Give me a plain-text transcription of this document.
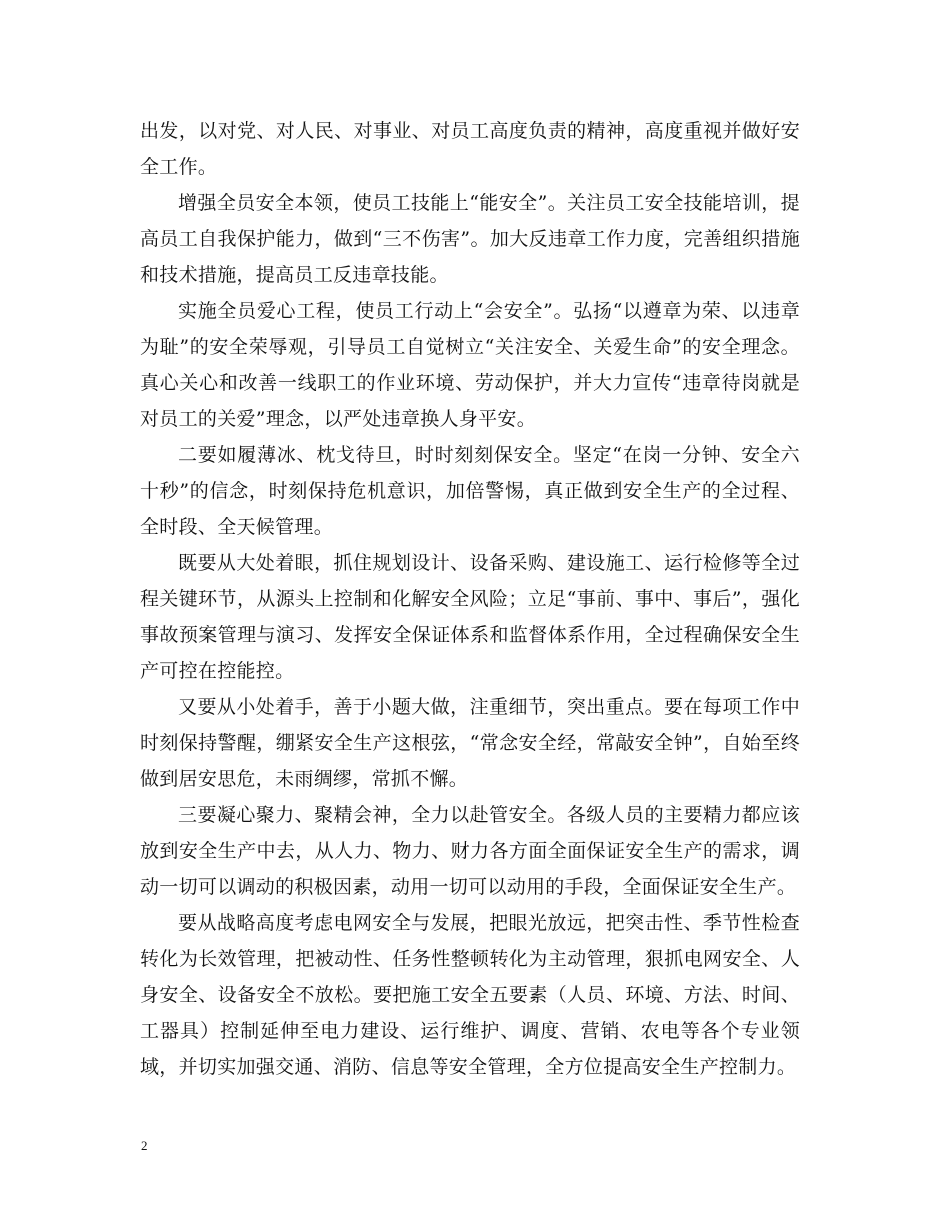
出发，以对党、对人民、对事业、对员工高度负责的精神，高度重视并做好安全工作。

增强全员安全本领，使员工技能上“能安全”。关注员工安全技能培训，提高员工自我保护能力，做到“三不伤害”。加大反违章工作力度，完善组织措施和技术措施，提高员工反违章技能。

实施全员爱心工程，使员工行动上“会安全”。弘扬“以遵章为荣、以违章为耻”的安全荣辱观，引导员工自觉树立“关注安全、关爱生命”的安全理念。真心关心和改善一线职工的作业环境、劳动保护，并大力宣传“违章待岗就是对员工的关爱”理念，以严处违章换人身平安。

二要如履薄冰、枕戈待旦，时时刻刻保安全。坚定“在岗一分钟、安全六十秒”的信念，时刻保持危机意识，加倍警惕，真正做到安全生产的全过程、全时段、全天候管理。

既要从大处着眼，抓住规划设计、设备采购、建设施工、运行检修等全过程关键环节，从源头上控制和化解安全风险；立足“事前、事中、事后”，强化事故预案管理与演习、发挥安全保证体系和监督体系作用，全过程确保安全生产可控在控能控。

又要从小处着手，善于小题大做，注重细节，突出重点。要在每项工作中时刻保持警醒，绷紧安全生产这根弦，“常念安全经，常敲安全钟”，自始至终做到居安思危，未雨绸缪，常抓不懈。

三要凝心聚力、聚精会神，全力以赴管安全。各级人员的主要精力都应该放到安全生产中去，从人力、物力、财力各方面全面保证安全生产的需求，调动一切可以调动的积极因素，动用一切可以动用的手段，全面保证安全生产。

要从战略高度考虑电网安全与发展，把眼光放远，把突击性、季节性检查转化为长效管理，把被动性、任务性整顿转化为主动管理，狠抓电网安全、人身安全、设备安全不放松。要把施工安全五要素（人员、环境、方法、时间、工器具）控制延伸至电力建设、运行维护、调度、营销、农电等各个专业领域，并切实加强交通、消防、信息等安全管理，全方位提高安全生产控制力。

2
